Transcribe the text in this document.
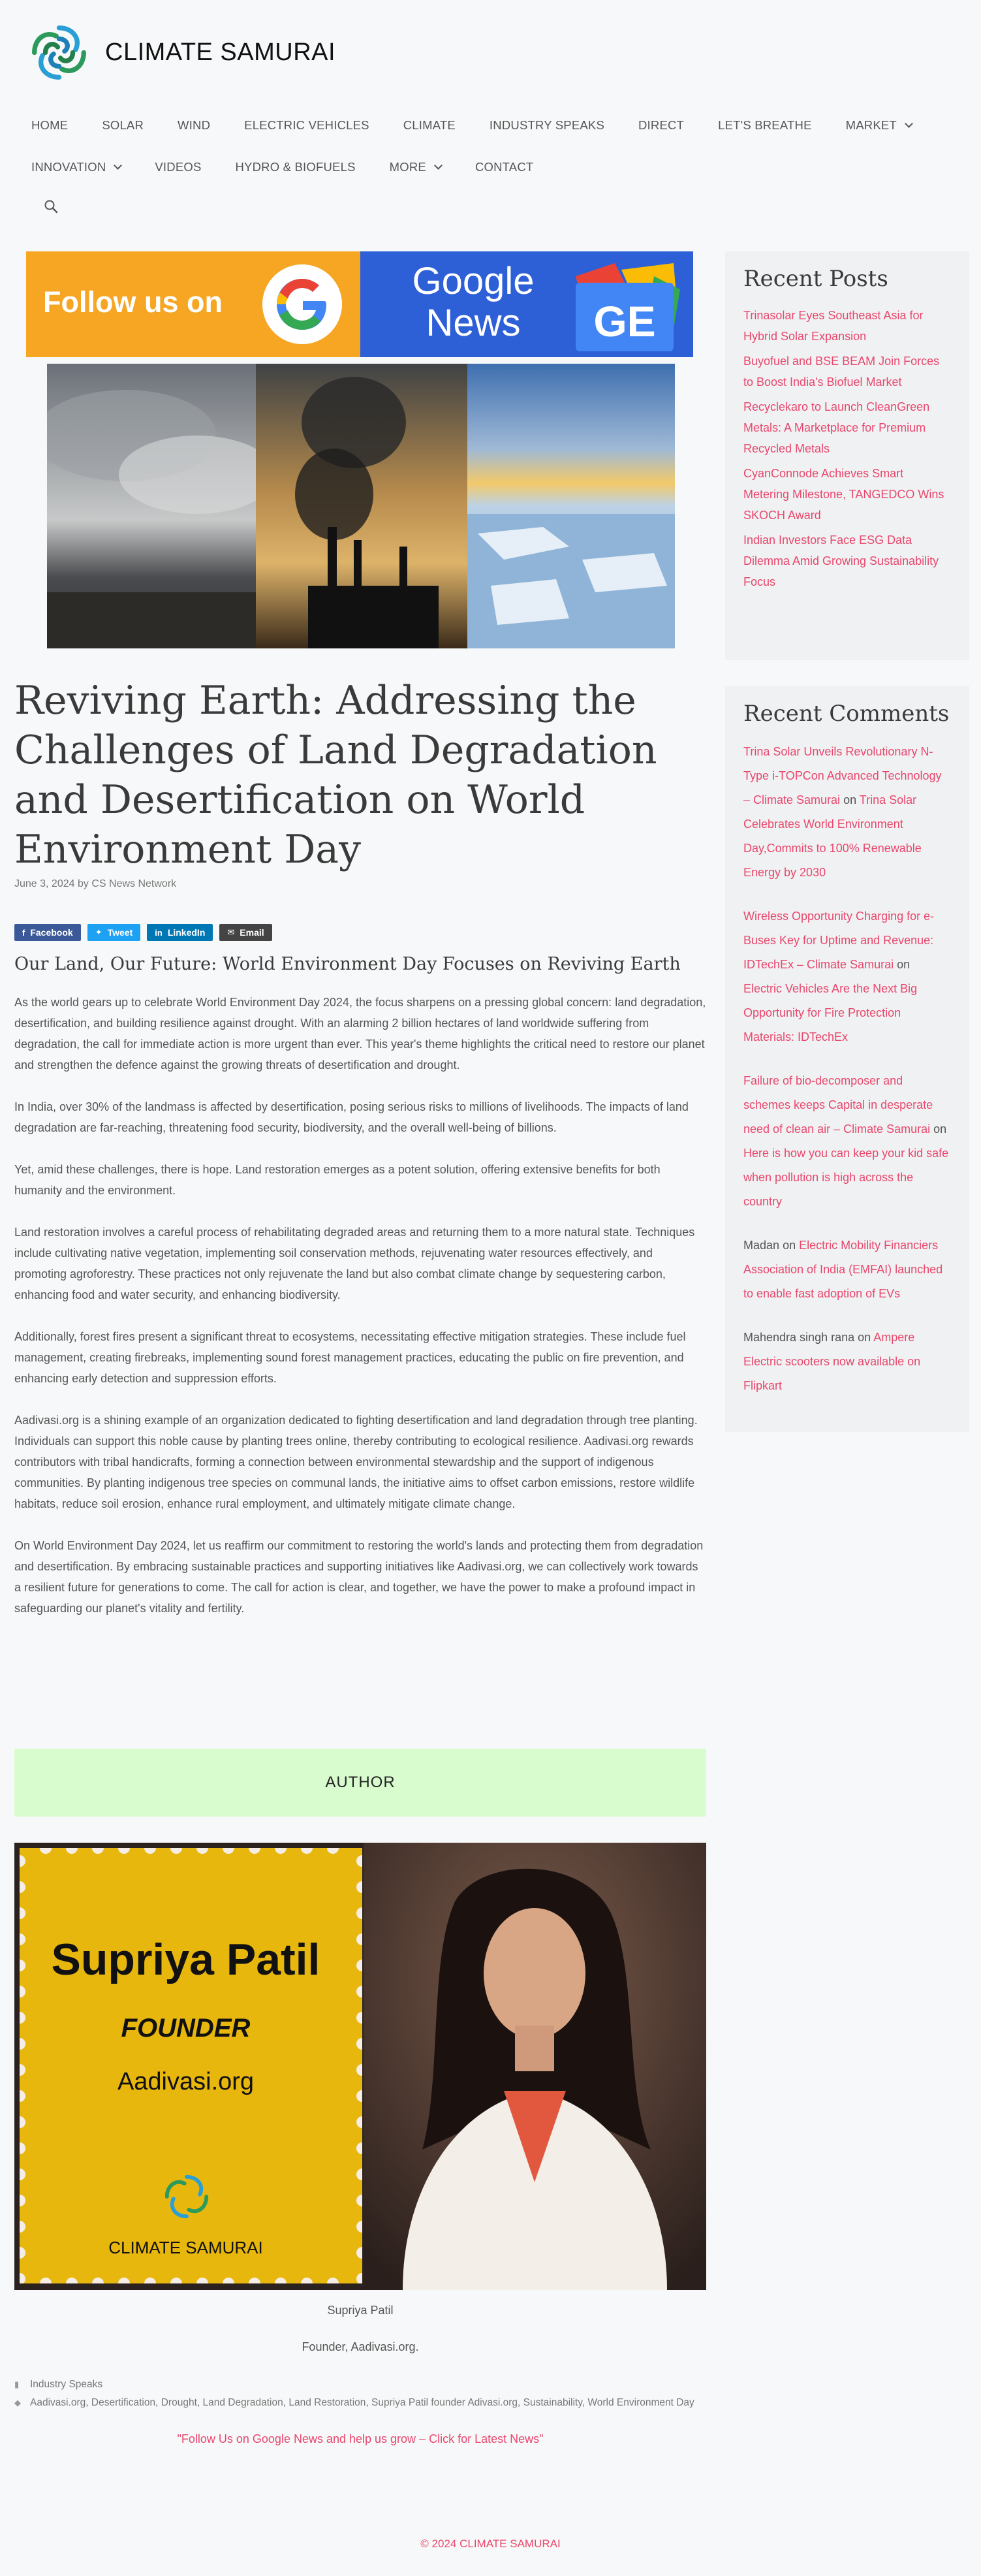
CLIMATE SAMURAI
HOME	SOLAR	WIND	ELECTRIC VEHICLES	CLIMATE	INDUSTRY SPEAKS	DIRECT	LET'S BREATHE	MARKET
INNOVATION	VIDEOS	HYDRO & BIOFUELS	MORE	CONTACT
Follow us on	Google News	GE
Reviving Earth: Addressing the Challenges of Land Degradation and Desertification on World Environment Day
June 3, 2024 by CS News Network
f Facebook	✦ Tweet	in LinkedIn	✉ Email
Our Land, Our Future: World Environment Day Focuses on Reviving Earth

As the world gears up to celebrate World Environment Day 2024, the focus sharpens on a pressing global concern: land degradation, desertification, and building resilience against drought. With an alarming 2 billion hectares of land worldwide suffering from degradation, the call for immediate action is more urgent than ever. This year's theme highlights the critical need to restore our planet and strengthen the defence against the growing threats of desertification and drought.

In India, over 30% of the landmass is affected by desertification, posing serious risks to millions of livelihoods. The impacts of land degradation are far-reaching, threatening food security, biodiversity, and the overall well-being of billions.

Yet, amid these challenges, there is hope. Land restoration emerges as a potent solution, offering extensive benefits for both humanity and the environment.

Land restoration involves a careful process of rehabilitating degraded areas and returning them to a more natural state. Techniques include cultivating native vegetation, implementing soil conservation methods, rejuvenating water resources effectively, and promoting agroforestry. These practices not only rejuvenate the land but also combat climate change by sequestering carbon, enhancing food and water security, and enhancing biodiversity.

Additionally, forest fires present a significant threat to ecosystems, necessitating effective mitigation strategies. These include fuel management, creating firebreaks, implementing sound forest management practices, educating the public on fire prevention, and enhancing early detection and suppression efforts.

Aadivasi.org is a shining example of an organization dedicated to fighting desertification and land degradation through tree planting. Individuals can support this noble cause by planting trees online, thereby contributing to ecological resilience. Aadivasi.org rewards contributors with tribal handicrafts, forming a connection between environmental stewardship and the support of indigenous communities. By planting indigenous tree species on communal lands, the initiative aims to offset carbon emissions, restore wildlife habitats, reduce soil erosion, enhance rural employment, and ultimately mitigate climate change.

On World Environment Day 2024, let us reaffirm our commitment to restoring the world's lands and protecting them from degradation and desertification. By embracing sustainable practices and supporting initiatives like Aadivasi.org, we can collectively work towards a resilient future for generations to come. The call for action is clear, and together, we have the power to make a profound impact in safeguarding our planet's vitality and fertility.

AUTHOR
Supriya Patil
FOUNDER
Aadivasi.org
CLIMATE SAMURAI
Supriya Patil
Founder, Aadivasi.org.
▮	Industry Speaks
◆ Aadivasi.org, Desertification, Drought, Land Degradation, Land Restoration, Supriya Patil founder Adivasi.org, Sustainability, World Environment Day
"Follow Us on Google News and help us grow – Click for Latest News"
Recent Posts
Trinasolar Eyes Southeast Asia for Hybrid Solar Expansion
Buyofuel and BSE BEAM Join Forces to Boost India's Biofuel Market
Recyclekaro to Launch CleanGreen Metals: A Marketplace for Premium Recycled Metals
CyanConnode Achieves Smart Metering Milestone, TANGEDCO Wins SKOCH Award
Indian Investors Face ESG Data Dilemma Amid Growing Sustainability Focus
Recent Comments
Trina Solar Unveils Revolutionary N-Type i-TOPCon Advanced Technology – Climate Samurai on Trina Solar Celebrates World Environment Day,Commits to 100% Renewable Energy by 2030
Wireless Opportunity Charging for e-Buses Key for Uptime and Revenue: IDTechEx – Climate Samurai on Electric Vehicles Are the Next Big Opportunity for Fire Protection Materials: IDTechEx
Failure of bio-decomposer and schemes keeps Capital in desperate need of clean air – Climate Samurai on Here is how you can keep your kid safe when pollution is high across the country
Madan on Electric Mobility Financiers Association of India (EMFAI) launched to enable fast adoption of EVs
Mahendra singh rana on Ampere Electric scooters now available on Flipkart
© 2024 CLIMATE SAMURAI
